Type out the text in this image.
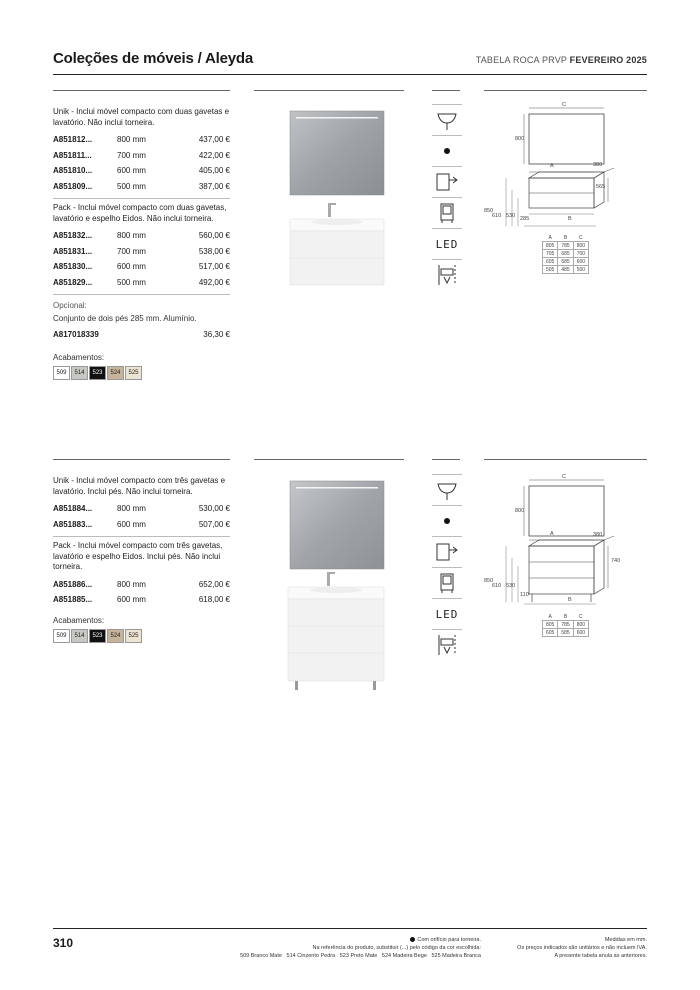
Coleções de móveis / Aleyda	TABELA ROCA PRVP FEVEREIRO 2025
Unik - Inclui móvel compacto com duas gavetas e lavatório. Não inclui torneira.
A851812...	800 mm	437,00 €
A851811...	700 mm	422,00 €
A851810...	600 mm	405,00 €
A851809...	500 mm	387,00 €
Pack - Inclui móvel compacto com duas gavetas, lavatório e espelho Eidos. Não inclui torneira.
A851832...	800 mm	560,00 €
A851831...	700 mm	538,00 €
A851830...	600 mm	517,00 €
A851829...	500 mm	492,00 €
Opcional:
Conjunto de dois pés 285 mm. Alumínio.
A817018339	36,30 €
Acabamentos:
509	514	523	524	525
LED
C
800
A	380
565
285
850
610 530	B
A	B	C
805	785	800
705	685	700
605	585	600
505	485	500
Unik - Inclui móvel compacto com três gavetas e lavatório. Inclui pés. Não inclui torneira.
A851884...	800 mm	530,00 €
A851883...	600 mm	507,00 €
Pack - Inclui móvel compacto com três gavetas, lavatório e espelho Eidos. Inclui pés. Não inclui torneira.
A851886...	800 mm	652,00 €
A851885...	600 mm	618,00 €
Acabamentos:
509	514	523	524	525
LED
C
800
A	380
740
110
850
610 530
B
A	B	C
805	785	800
605	585	600
310	Com orifício para torneira.
Na referência do produto, substituir (...) pelo código da cor escolhida:
509 Branco Mate   514 Cinzento Pedra   523 Preto Mate   524 Madeira Bege   525 Madeira Branca
Medidas em mm.
Os preços indicados são unitários e não incluem IVA.
A presente tabela anula as anteriores.
